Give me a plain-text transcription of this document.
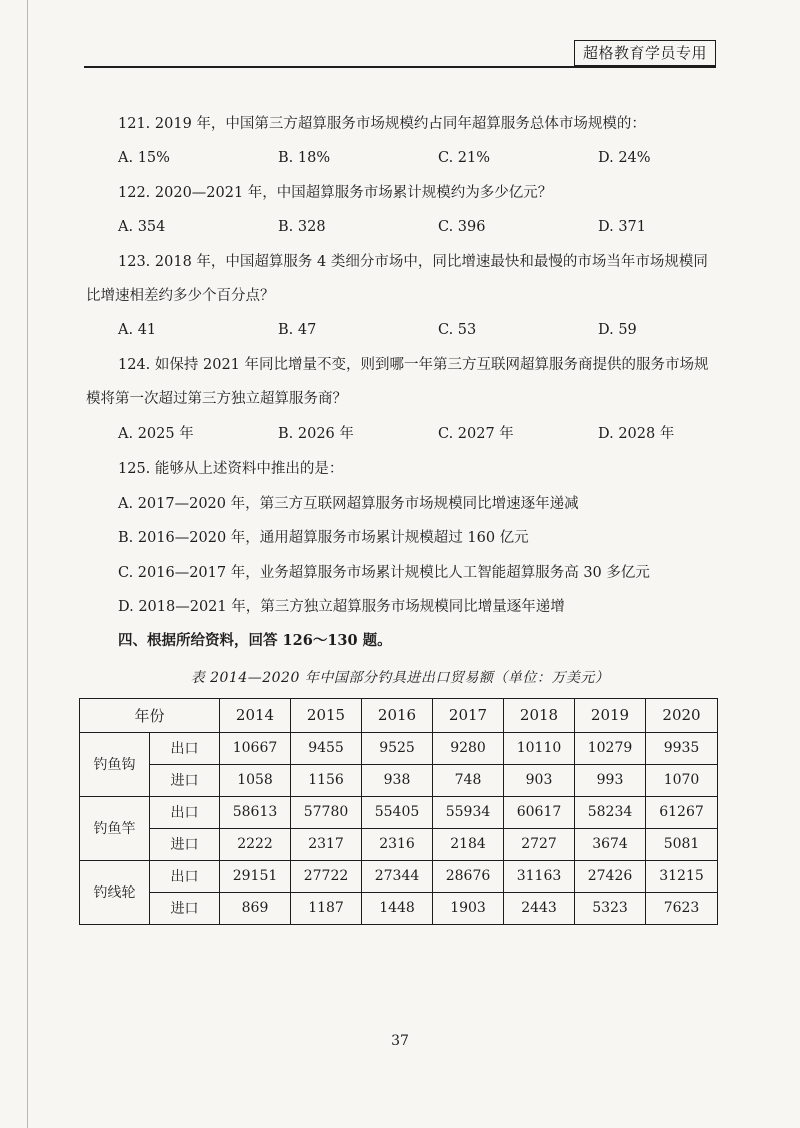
超格教育学员专用
121. 2019 年，中国第三方超算服务市场规模约占同年超算服务总体市场规模的：
A. 15%	B. 18%	C. 21%	D. 24%
122. 2020—2021 年，中国超算服务市场累计规模约为多少亿元？
A. 354	B. 328	C. 396	D. 371
123. 2018 年，中国超算服务 4 类细分市场中，同比增速最快和最慢的市场当年市场规模同
比增速相差约多少个百分点？
A. 41	B. 47	C. 53	D. 59
124. 如保持 2021 年同比增量不变，则到哪一年第三方互联网超算服务商提供的服务市场规
模将第一次超过第三方独立超算服务商？
A. 2025 年	B. 2026 年	C. 2027 年	D. 2028 年
125. 能够从上述资料中推出的是：
A. 2017—2020 年，第三方互联网超算服务市场规模同比增速逐年递减
B. 2016—2020 年，通用超算服务市场累计规模超过 160 亿元
C. 2016—2017 年，业务超算服务市场累计规模比人工智能超算服务高 30 多亿元
D. 2018—2021 年，第三方独立超算服务市场规模同比增量逐年递增
四、根据所给资料，回答 126～130 题。
表 2014—2020 年中国部分钓具进出口贸易额（单位：万美元）
年份		2014	2015	2016	2017	2018	2019	2020
钓鱼钩	出口	10667	9455	9525	9280	10110	10279	9935
	进口	1058	1156	938	748	903	993	1070
钓鱼竿	出口	58613	57780	55405	55934	60617	58234	61267
	进口	2222	2317	2316	2184	2727	3674	5081
钓线轮	出口	29151	27722	27344	28676	31163	27426	31215
	进口	869	1187	1448	1903	2443	5323	7623
37
